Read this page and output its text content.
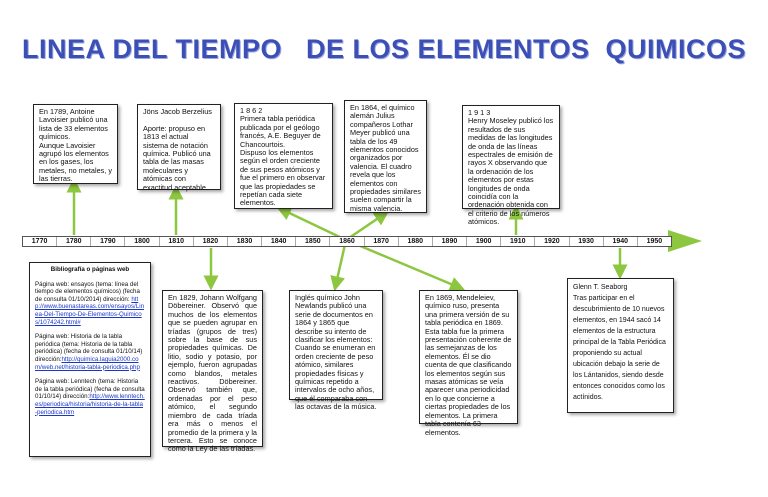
LINEA DEL TIEMPO   DE LOS ELEMENTOS  QUIMICOS
1770	1780	1790	1800	1810	1820	1830	1840	1850	1860	1870	1880	1890	1900	1910	1920	1930	1940	1950
En 1789, Antoine Lavoisier publicó una lista de 33 elementos químicos.
Aunque Lavoisier agrupó los elementos en los gases, los metales, no metales, y las tierras.
Jöns Jacob Berzelius

Aporte: propuso en 1813 el actual sistema de notación química. Publicó una tabla de las masas moleculares y atómicas con exactitud aceptable.
1 8 6 2
Primera tabla periódica publicada por el geólogo francés, A.E. Beguyer de Chancourtois.
Dispuso los elementos según el orden creciente de sus pesos atómicos y fue el primero en observar que las propiedades se repetían cada siete elementos.
En 1864, el químico alemán Julius compañeros Lothar Meyer publicó una tabla de los 49 elementos conocidos organizados por valencia. El cuadro revela que los elementos con propiedades similares suelen compartir la misma valencia.
1 9 1 3
Henry Moseley publicó los resultados de sus medidas de las longitudes de onda de las líneas espectrales de emisión de rayos X observando que la ordenación de los elementos por estas longitudes de onda coincidía con la ordenación obtenida con el criterio de los números atómicos.
Bibliografía o páginas web
Página web: ensayos (tema: línea del tiempo de elementos químicos) (fecha de consulta 01/10/2014) dirección: http://www.buenastareas.com/ensayos/Linea-Del-Tiempo-De-Elementos-Quimicos/1074242.html#
Página web: Historia de la tabla periódica (tema: Historia de la tabla periódica) (fecha de consulta 01/10/14) dirección:http://quimica.laguia2000.com/web.net/historia-tabla-periodica.php
Página web: Lenntech (tema: Historia de la tabla periódica) (fecha de consulta 01/10/14) dirección:http://www.lenntech.es/periodica/historia/historia-de-la-tabla-periodica.htm
En 1829, Johann Wolfgang Döbereiner. Observó que muchos de los elementos que se pueden agrupar en tríadas (grupos de tres) sobre la base de sus propiedades químicas. De litio, sodio y potasio, por ejemplo, fueron agrupadas como blandos, metales reactivos. Döbereiner. Observó también que, ordenadas por el peso atómico, el segundo miembro de cada tríada era más o menos el promedio de la primera y la tercera. Esto se conoce como la Ley de las tríadas.
Inglés químico John Newlands publicó una serie de documentos en 1864 y 1865 que describe su intento de clasificar los elementos: Cuando se enumeran en orden creciente de peso atómico, similares propiedades físicas y químicas repetido a intervalos de ocho años, que él comparaba con las octavas de la música.
En 1869, Mendeleiev, químico ruso, presenta una primera versión de su tabla periódica en 1869. Esta tabla fue la primera presentación coherente de las semejanzas de los elementos. Él se dio cuenta de que clasificando los elementos según sus masas atómicas se veía aparecer una periodicidad en lo que concierne a ciertas propiedades de los elementos. La primera tabla contenía 63 elementos.
Glenn T. Seaborg
Tras participar en el descubrimiento de 10 nuevos elementos, en 1944 sacó 14 elementos de la estructura principal de la Tabla Periódica proponiendo su actual ubicación debajo la serie de los Lántanidos, siendo desde entonces conocidos como los actínidos.
